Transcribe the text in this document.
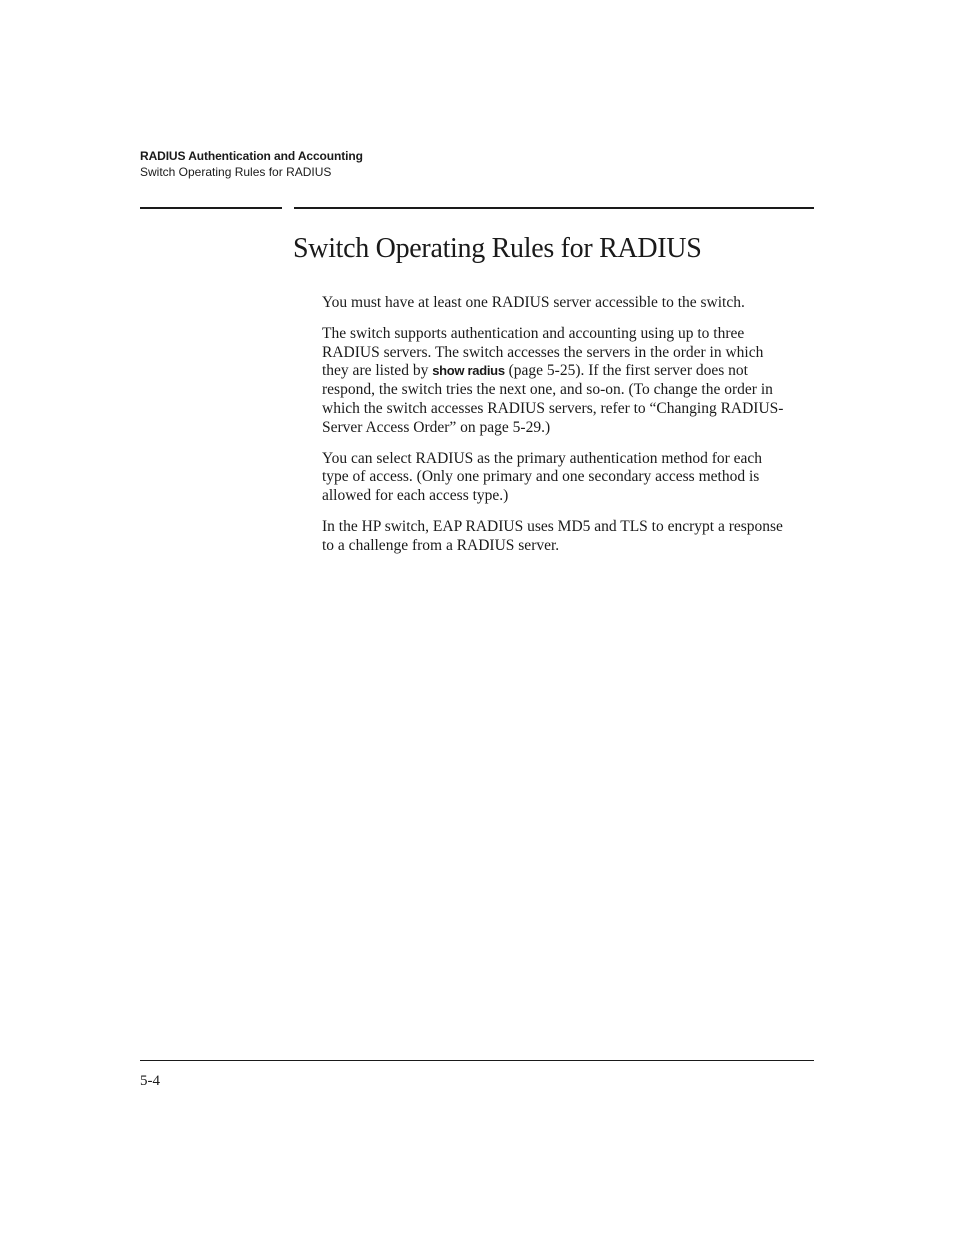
RADIUS Authentication and Accounting
Switch Operating Rules for RADIUS
Switch Operating Rules for RADIUS

You must have at least one RADIUS server accessible to the switch.

The switch supports authentication and accounting using up to three RADIUS servers. The switch accesses the servers in the order in which they are listed by show radius (page 5-25). If the first server does not respond, the switch tries the next one, and so-on. (To change the order in which the switch accesses RADIUS servers, refer to “Changing RADIUS-Server Access Order” on page 5-29.)

You can select RADIUS as the primary authentication method for each type of access. (Only one primary and one secondary access method is allowed for each access type.)

In the HP switch, EAP RADIUS uses MD5 and TLS to encrypt a response to a challenge from a RADIUS server.

5-4
